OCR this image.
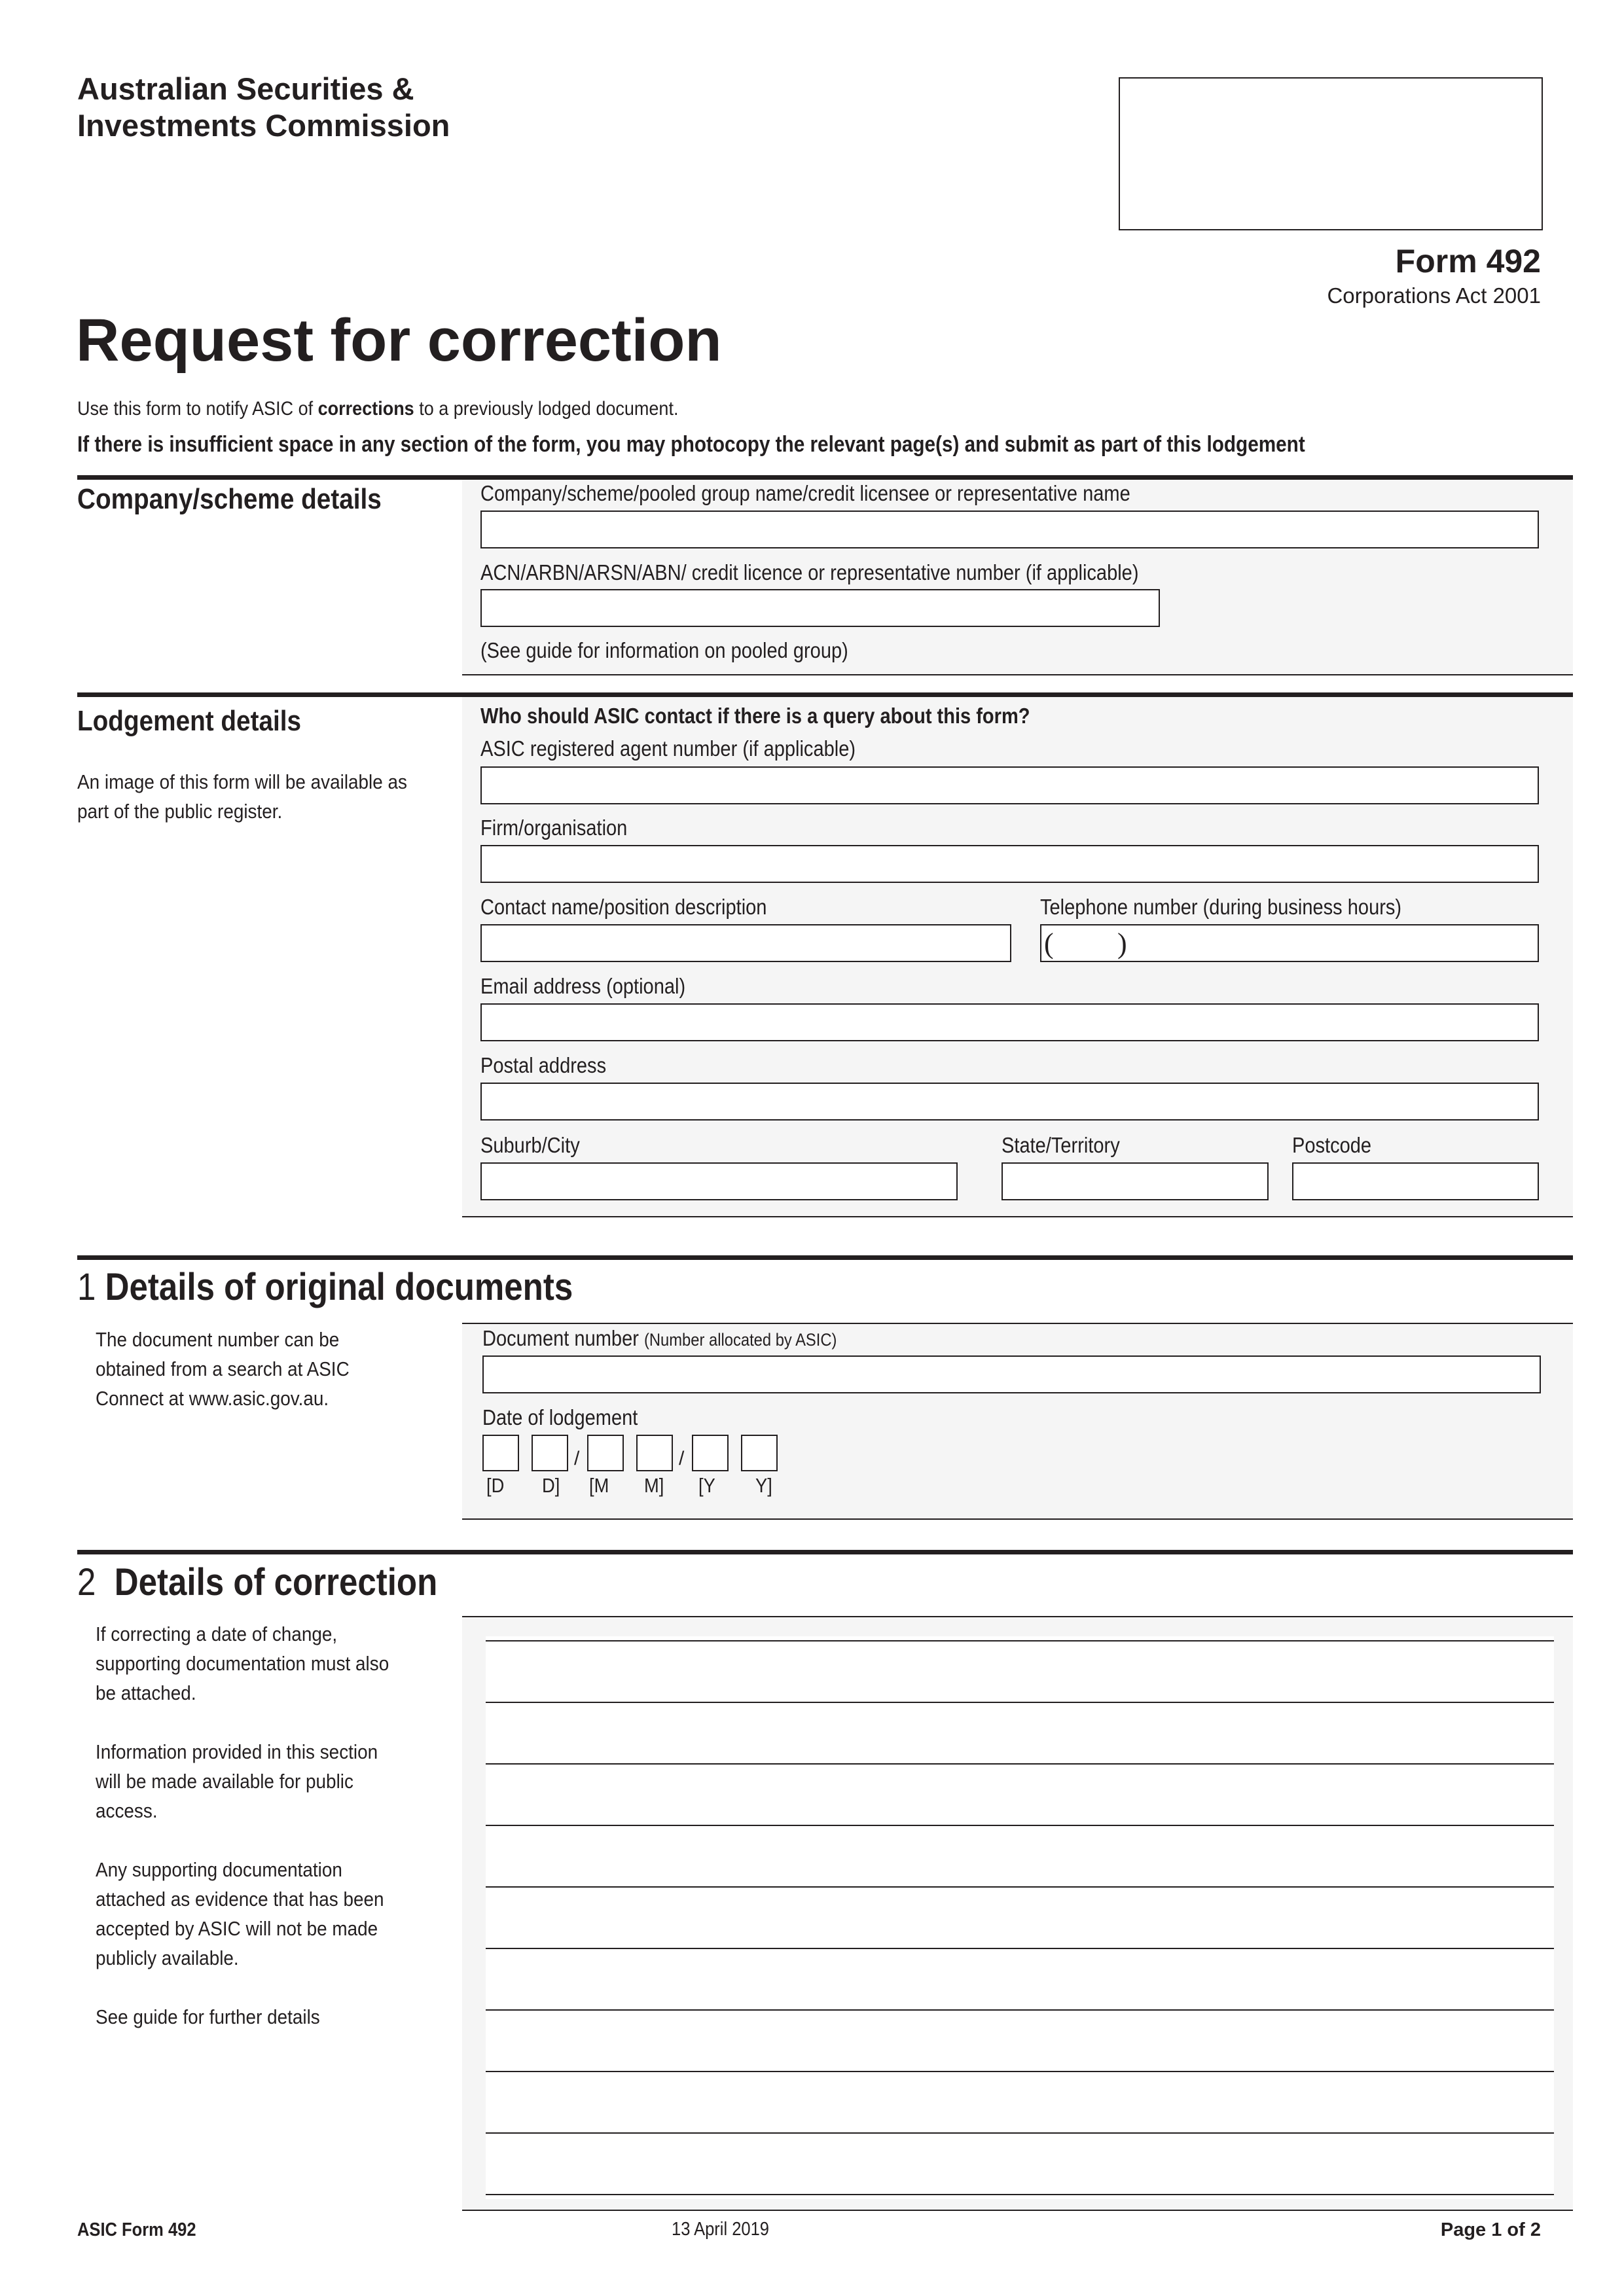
Australian Securities &
Investments Commission
Form 492
Corporations Act 2001
Request for correction
Use this form to notify ASIC of corrections to a previously lodged document.
If there is insufficient space in any section of the form, you may photocopy the relevant page(s) and submit as part of this lodgement
Company/scheme details	Company/scheme/pooled group name/credit licensee or representative name
ACN/ARBN/ARSN/ABN/ credit licence or representative number (if applicable)
(See guide for information on pooled group)
Lodgement details
An image of this form will be available as part of the public register.
Who should ASIC contact if there is a query about this form?
ASIC registered agent number (if applicable)
Firm/organisation
Contact name/position description	Telephone number (during business hours)
( )
Email address (optional)
Postal address
Suburb/City	State/Territory	Postcode
1 Details of original documents
The document number can be obtained from a search at ASIC Connect at www.asic.gov.au.
Document number (Number allocated by ASIC)
Date of lodgement
/	/
[D D] [M M] [Y Y]
2 Details of correction
If correcting a date of change, supporting documentation must also be attached.
Information provided in this section will be made available for public access.
Any supporting documentation attached as evidence that has been accepted by ASIC will not be made publicly available.
See guide for further details
ASIC Form 492	13 April 2019	Page 1 of 2
